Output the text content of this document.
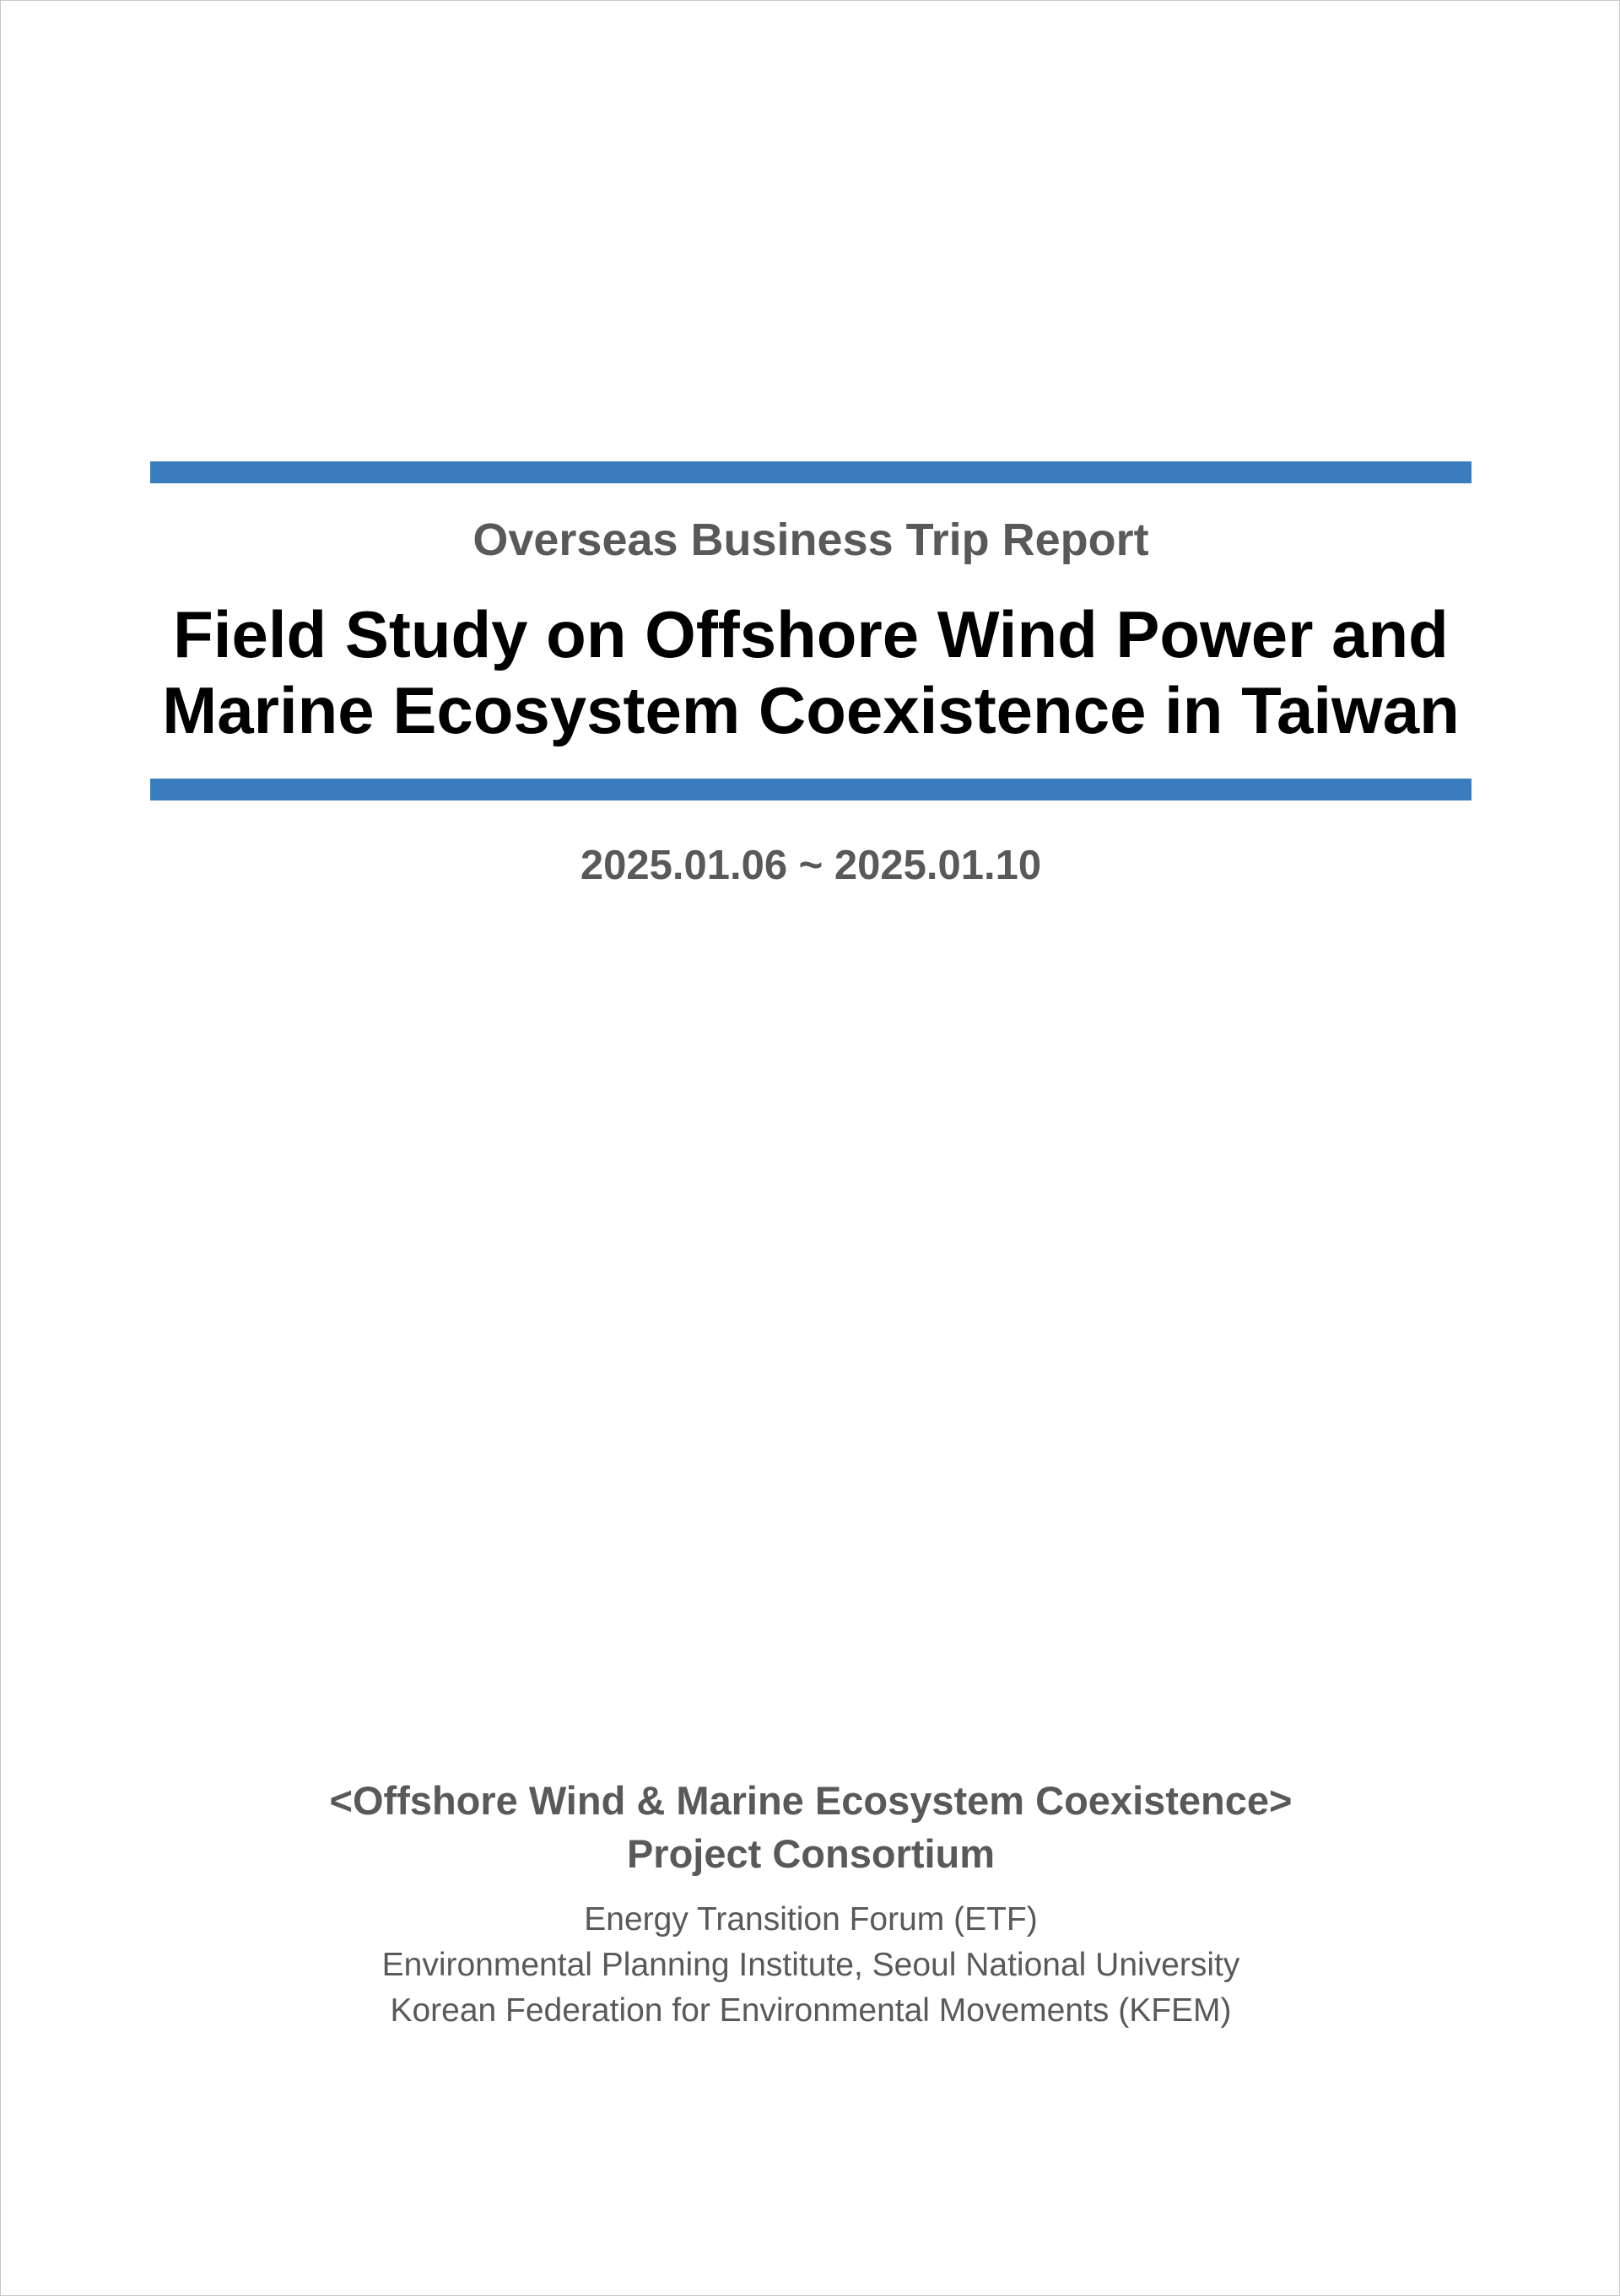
Overseas Business Trip Report
Field Study on Offshore Wind Power and
Marine Ecosystem Coexistence in Taiwan
2025.01.06 ~ 2025.01.10
<Offshore Wind & Marine Ecosystem Coexistence>
Project Consortium
Energy Transition Forum (ETF)
Environmental Planning Institute, Seoul National University
Korean Federation for Environmental Movements (KFEM)
